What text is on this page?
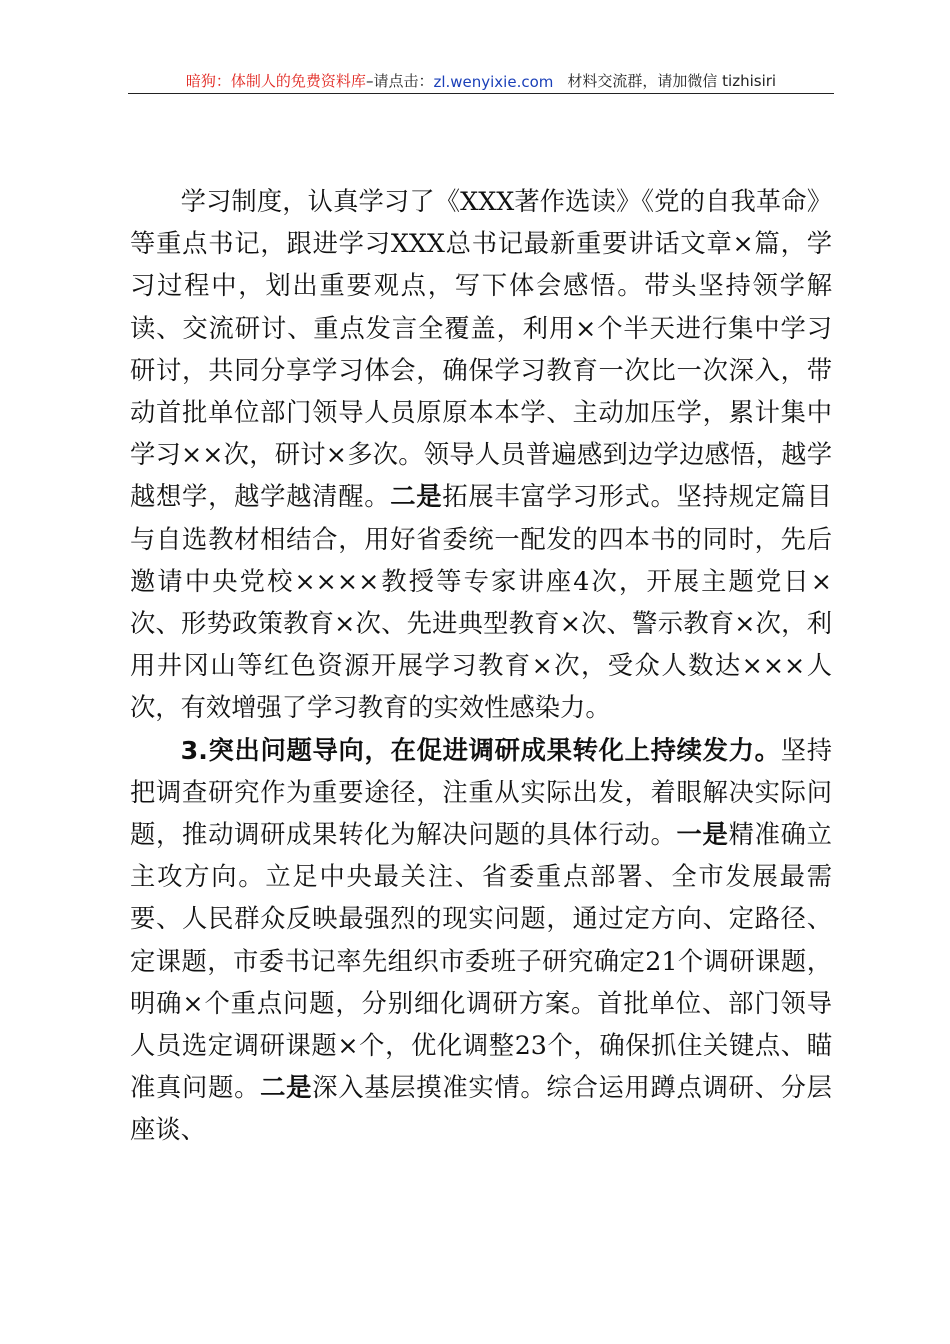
暗狗：体制人的免费资料库 –请点击： zl.wenyixie.com 材料交流群，请加微信 tizhisiri

学习制度，认真学习了《XXX著作选读》《党的自我革命》等重点书记，跟进学习XXX总书记最新重要讲话文章×篇，学习过程中，划出重要观点，写下体会感悟。带头坚持领学解读、交流研讨、重点发言全覆盖，利用×个半天进行集中学习研讨，共同分享学习体会，确保学习教育一次比一次深入，带动首批单位部门领导人员原原本本学、主动加压学，累计集中学习××次，研讨×多次。领导人员普遍感到边学边感悟，越学越想学，越学越清醒。二是拓展丰富学习形式。坚持规定篇目与自选教材相结合，用好省委统一配发的四本书的同时，先后邀请中央党校××××教授等专家讲座4次，开展主题党日×次、形势政策教育×次、先进典型教育×次、警示教育×次，利用井冈山等红色资源开展学习教育×次，受众人数达×××人次，有效增强了学习教育的实效性感染力。

3.突出问题导向，在促进调研成果转化上持续发力。坚持把调查研究作为重要途径，注重从实际出发，着眼解决实际问题，推动调研成果转化为解决问题的具体行动。一是精准确立主攻方向。立足中央最关注、省委重点部署、全市发展最需要、人民群众反映最强烈的现实问题，通过定方向、定路径、定课题，市委书记率先组织市委班子研究确定21个调研课题，明确×个重点问题，分别细化调研方案。首批单位、部门领导人员选定调研课题×个，优化调整23个，确保抓住关键点、瞄准真问题。二是深入基层摸准实情。综合运用蹲点调研、分层座谈、
